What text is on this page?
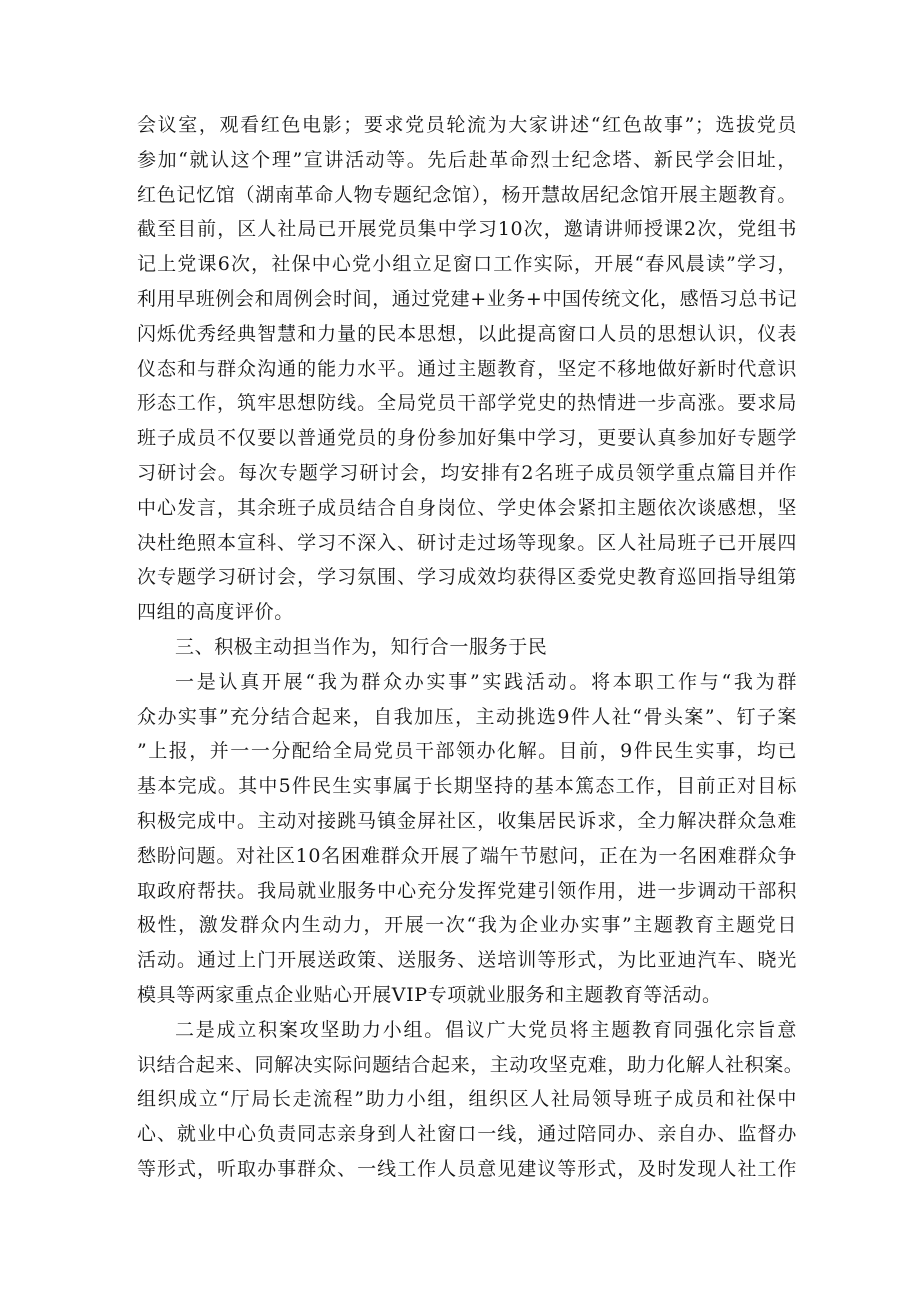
会议室，观看红色电影；要求党员轮流为大家讲述“红色故事”；选拔党员
参加“就认这个理”宣讲活动等。先后赴革命烈士纪念塔、新民学会旧址，
红色记忆馆（湖南革命人物专题纪念馆），杨开慧故居纪念馆开展主题教育。
截至目前，区人社局已开展党员集中学习10次，邀请讲师授课2次，党组书
记上党课6次，社保中心党小组立足窗口工作实际，开展“春风晨读”学习，
利用早班例会和周例会时间，通过党建+业务+中国传统文化，感悟习总书记
闪烁优秀经典智慧和力量的民本思想，以此提高窗口人员的思想认识，仪表
仪态和与群众沟通的能力水平。通过主题教育，坚定不移地做好新时代意识
形态工作，筑牢思想防线。全局党员干部学党史的热情进一步高涨。要求局
班子成员不仅要以普通党员的身份参加好集中学习，更要认真参加好专题学
习研讨会。每次专题学习研讨会，均安排有2名班子成员领学重点篇目并作
中心发言，其余班子成员结合自身岗位、学史体会紧扣主题依次谈感想，坚
决杜绝照本宣科、学习不深入、研讨走过场等现象。区人社局班子已开展四
次专题学习研讨会，学习氛围、学习成效均获得区委党史教育巡回指导组第
四组的高度评价。
三、积极主动担当作为，知行合一服务于民
一是认真开展“我为群众办实事”实践活动。将本职工作与“我为群
众办实事”充分结合起来，自我加压，主动挑选9件人社“骨头案”、钉子案
”上报，并一一分配给全局党员干部领办化解。目前，9件民生实事，均已
基本完成。其中5件民生实事属于长期坚持的基本篤态工作，目前正对目标
积极完成中。主动对接跳马镇金屏社区，收集居民诉求，全力解决群众急难
愁盼问题。对社区10名困难群众开展了端午节慰问，正在为一名困难群众争
取政府帮扶。我局就业服务中心充分发挥党建引领作用，进一步调动干部积
极性，激发群众内生动力，开展一次“我为企业办实事”主题教育主题党日
活动。通过上门开展送政策、送服务、送培训等形式，为比亚迪汽车、晓光
模具等两家重点企业贴心开展VIP专项就业服务和主题教育等活动。
二是成立积案攻坚助力小组。倡议广大党员将主题教育同强化宗旨意
识结合起来、同解决实际问题结合起来，主动攻坚克难，助力化解人社积案。
组织成立“厅局长走流程”助力小组，组织区人社局领导班子成员和社保中
心、就业中心负责同志亲身到人社窗口一线，通过陪同办、亲自办、监督办
等形式，听取办事群众、一线工作人员意见建议等形式，及时发现人社工作
